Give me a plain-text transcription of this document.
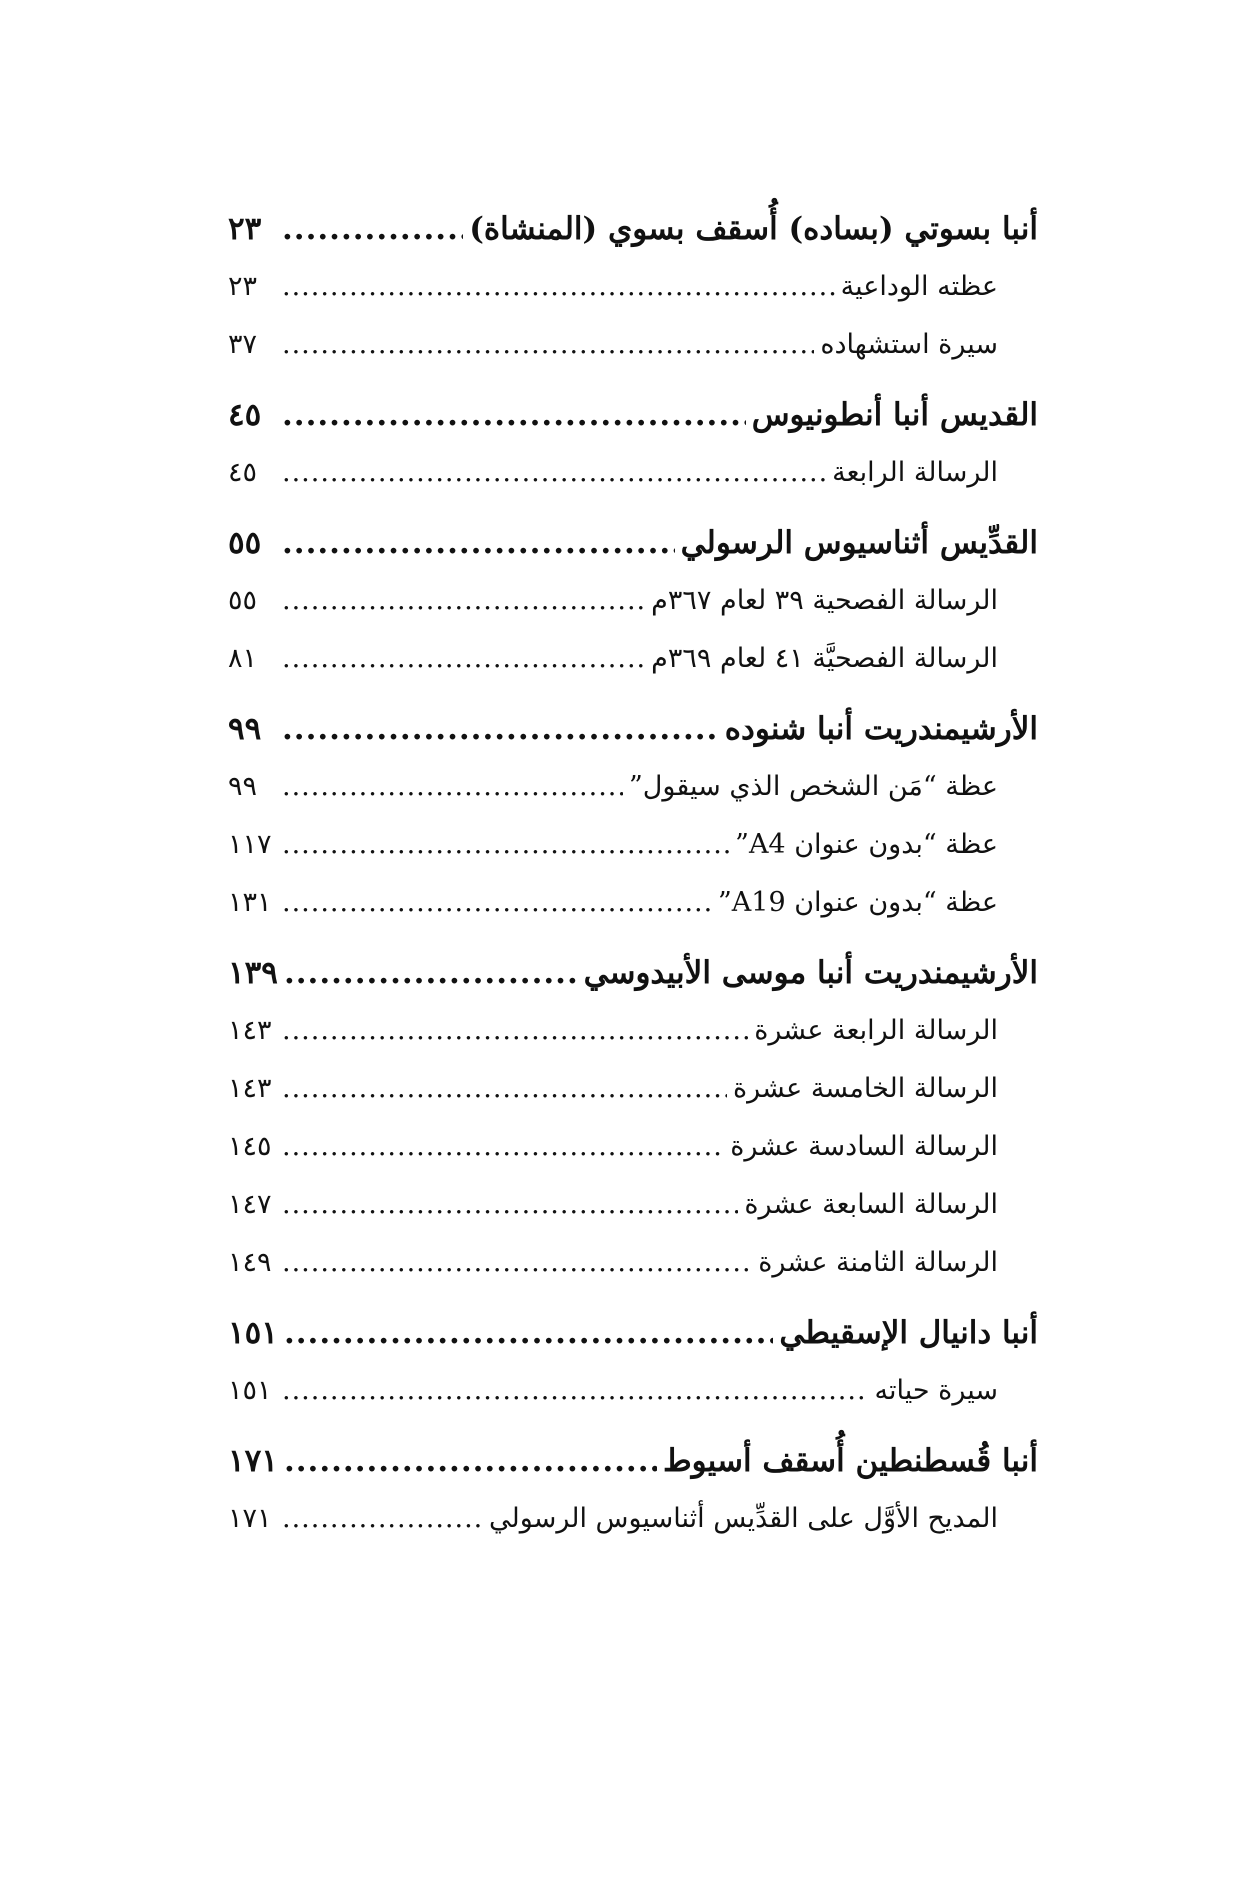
أنبا بسوتي (بساده) أُسقف بسوي (المنشاة)
.....
٢٣
عظته الوداعية
.....
٢٣
سيرة استشهاده
.....
٣٧
القديس أنبا أنطونيوس
.....
٤٥
الرسالة الرابعة
.....
٤٥
القدِّيس أثناسيوس الرسولي
.....
٥٥
الرسالة الفصحية ٣٩ لعام ٣٦٧م
.....
٥٥
الرسالة الفصحيَّة ٤١ لعام ٣٦٩م
.....
٨١
الأرشيمندريت أنبا شنوده
.....
٩٩
عظة “مَن الشخص الذي سيقول”
.....
٩٩
عظة “بدون عنوان A4”
.....
١١٧
عظة “بدون عنوان A19”
.....
١٣١
الأرشيمندريت أنبا موسى الأبيدوسي
.....
١٣٩
الرسالة الرابعة عشرة
.....
١٤٣
الرسالة الخامسة عشرة
.....
١٤٣
الرسالة السادسة عشرة
.....
١٤٥
الرسالة السابعة عشرة
.....
١٤٧
الرسالة الثامنة عشرة
.....
١٤٩
أنبا دانيال الإسقيطي
.....
١٥١
سيرة حياته
.....
١٥١
أنبا قُسطنطين أُسقف أسيوط
.....
١٧١
المديح الأوَّل على القدِّيس أثناسيوس الرسولي
.....
١٧١
